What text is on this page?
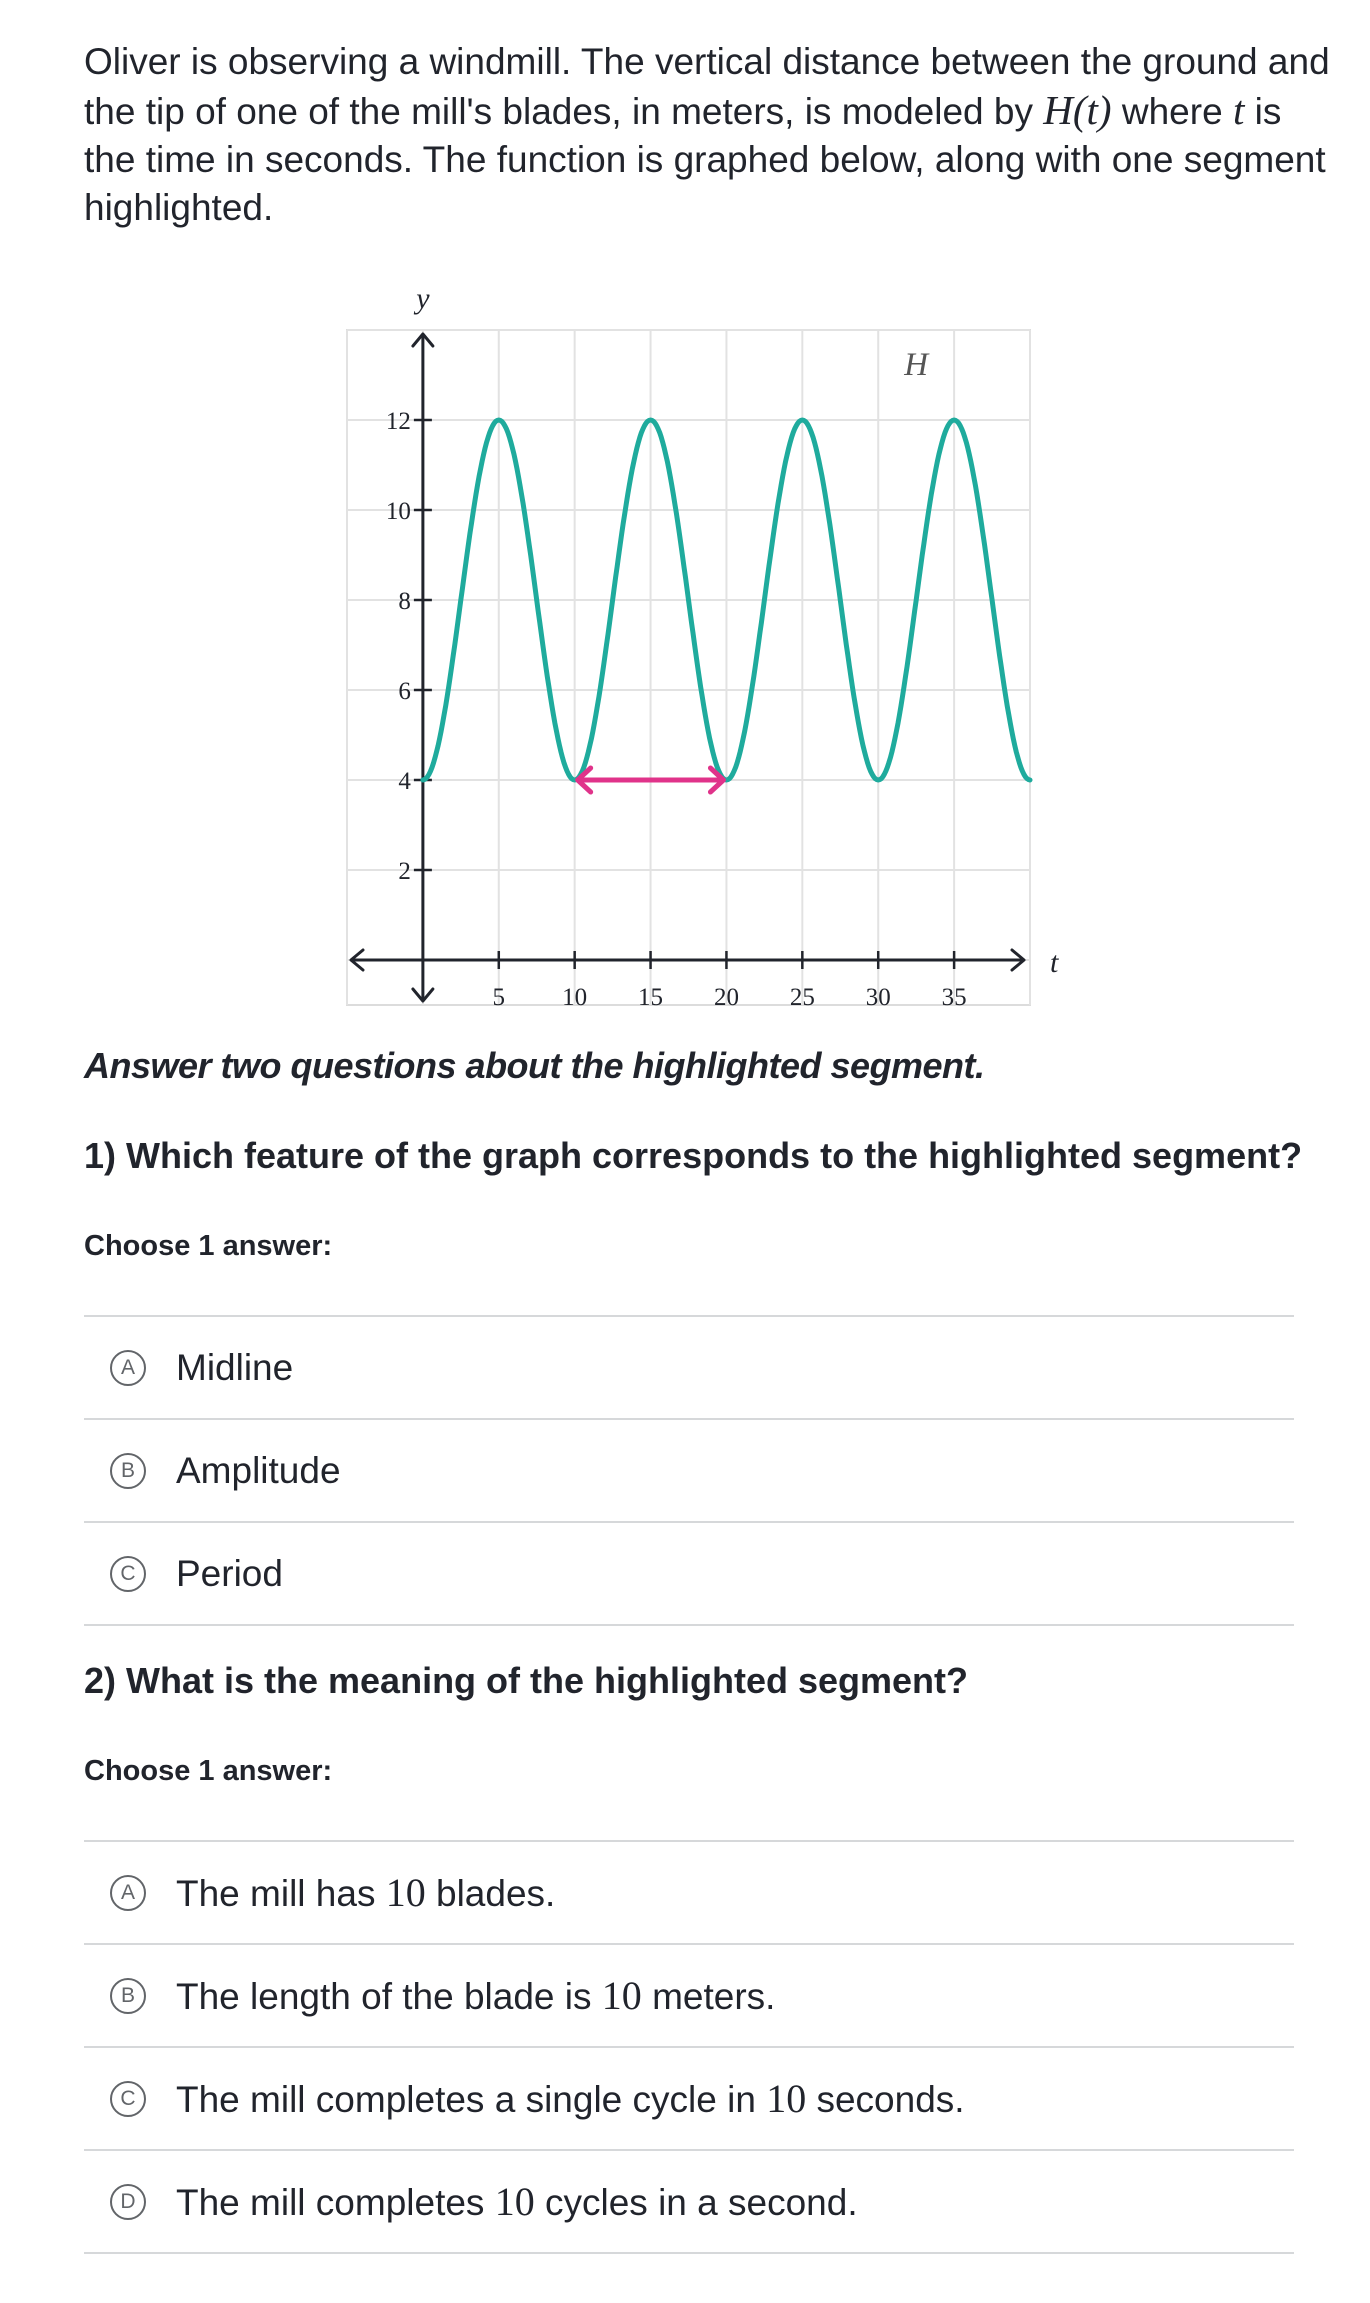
Oliver is observing a windmill. The vertical distance between the ground and the tip of one of the mill's blades, in meters, is modeled by H(t) where t is the time in seconds. The function is graphed below, along with one segment highlighted.

t
y
5 10 15 20 25 30 35
2
4
6
8
10
12
H

Answer two questions about the highlighted segment.

1) Which feature of the graph corresponds to the highlighted segment?

Choose 1 answer:

A Midline
B Amplitude
C Period

2) What is the meaning of the highlighted segment?

Choose 1 answer:

A The mill has 10 blades.
B The length of the blade is 10 meters.
C The mill completes a single cycle in 10 seconds.
D The mill completes 10 cycles in a second.
